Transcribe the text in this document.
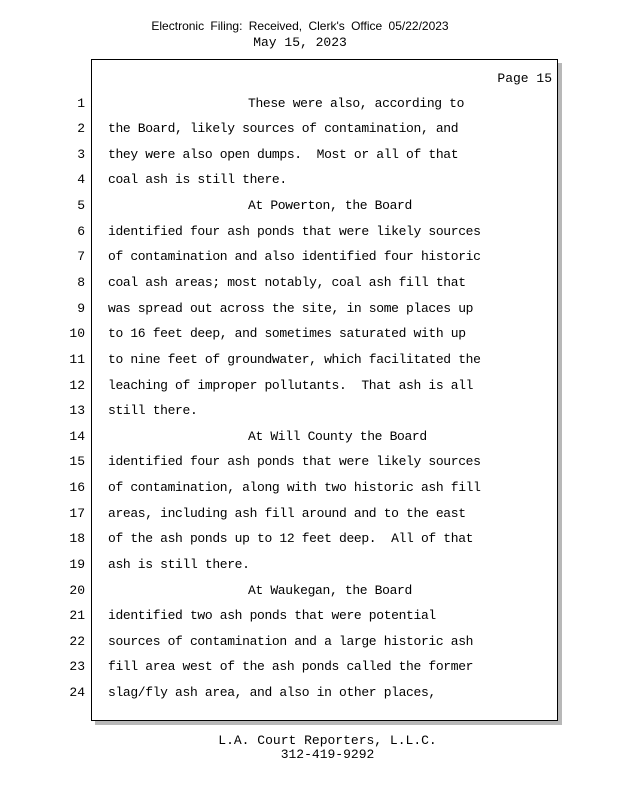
Electronic Filing: Received, Clerk's Office 05/22/2023
May 15, 2023
Page 15
1	These were also, according to
2 the Board, likely sources of contamination, and
3 they were also open dumps.  Most or all of that
4 coal ash is still there.
5	At Powerton, the Board
6 identified four ash ponds that were likely sources
7 of contamination and also identified four historic
8 coal ash areas; most notably, coal ash fill that
9 was spread out across the site, in some places up
10 to 16 feet deep, and sometimes saturated with up
11 to nine feet of groundwater, which facilitated the
12 leaching of improper pollutants.  That ash is all
13 still there.
14	At Will County the Board
15 identified four ash ponds that were likely sources
16 of contamination, along with two historic ash fill
17 areas, including ash fill around and to the east
18 of the ash ponds up to 12 feet deep.  All of that
19 ash is still there.
20	At Waukegan, the Board
21 identified two ash ponds that were potential
22 sources of contamination and a large historic ash
23 fill area west of the ash ponds called the former
24 slag/fly ash area, and also in other places,
L.A. Court Reporters, L.L.C.
312-419-9292
